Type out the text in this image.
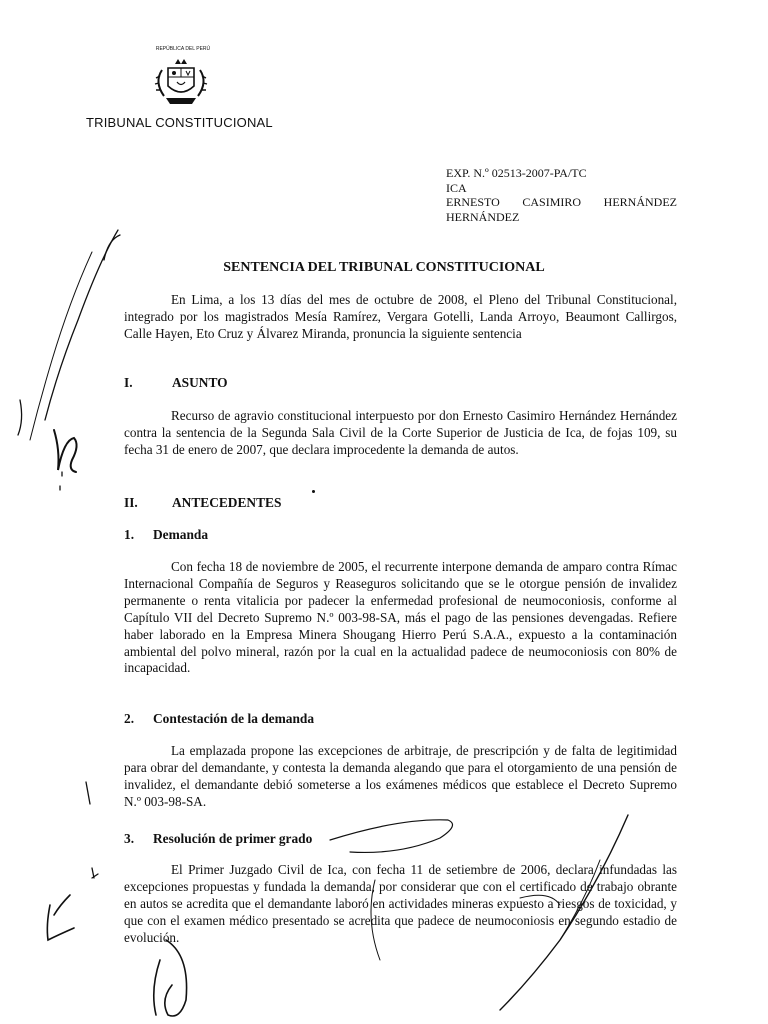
REPÚBLICA DEL PERÚ
TRIBUNAL CONSTITUCIONAL
EXP. N.º 02513-2007-PA/TC
ICA
ERNESTO CASIMIRO HERNÁNDEZ
HERNÁNDEZ
SENTENCIA DEL TRIBUNAL CONSTITUCIONAL

En Lima, a los 13 días del mes de octubre de 2008, el Pleno del Tribunal Constitucional, integrado por los magistrados Mesía Ramírez, Vergara Gotelli, Landa Arroyo, Beaumont Callirgos, Calle Hayen, Eto Cruz y Álvarez Miranda, pronuncia la siguiente sentencia

I.	ASUNTO

Recurso de agravio constitucional interpuesto por don Ernesto Casimiro Hernández Hernández contra la sentencia de la Segunda Sala Civil de la Corte Superior de Justicia de Ica, de fojas 109, su fecha 31 de enero de 2007, que declara improcedente la demanda de autos.

II.	ANTECEDENTES
1. Demanda

Con fecha 18 de noviembre de 2005, el recurrente interpone demanda de amparo contra Rímac Internacional Compañía de Seguros y Reaseguros solicitando que se le otorgue pensión de invalidez permanente o renta vitalicia por padecer la enfermedad profesional de neumoconiosis, conforme al Capítulo VII del Decreto Supremo N.º 003-98-SA, más el pago de las pensiones devengadas. Refiere haber laborado en la Empresa Minera Shougang Hierro Perú S.A.A., expuesto a la contaminación ambiental del polvo mineral, razón por la cual en la actualidad padece de neumoconiosis con 80% de incapacidad.

2. Contestación de la demanda

La emplazada propone las excepciones de arbitraje, de prescripción y de falta de legitimidad para obrar del demandante, y contesta la demanda alegando que para el otorgamiento de una pensión de invalidez, el demandante debió someterse a los exámenes médicos que establece el Decreto Supremo N.º 003-98-SA.

3. Resolución de primer grado

El Primer Juzgado Civil de Ica, con fecha 11 de setiembre de 2006, declara infundadas las excepciones propuestas y fundada la demanda, por considerar que con el certificado de trabajo obrante en autos se acredita que el demandante laboró en actividades mineras expuesto a riesgos de toxicidad, y que con el examen médico presentado se acredita que padece de neumoconiosis en segundo estadio de evolución.
